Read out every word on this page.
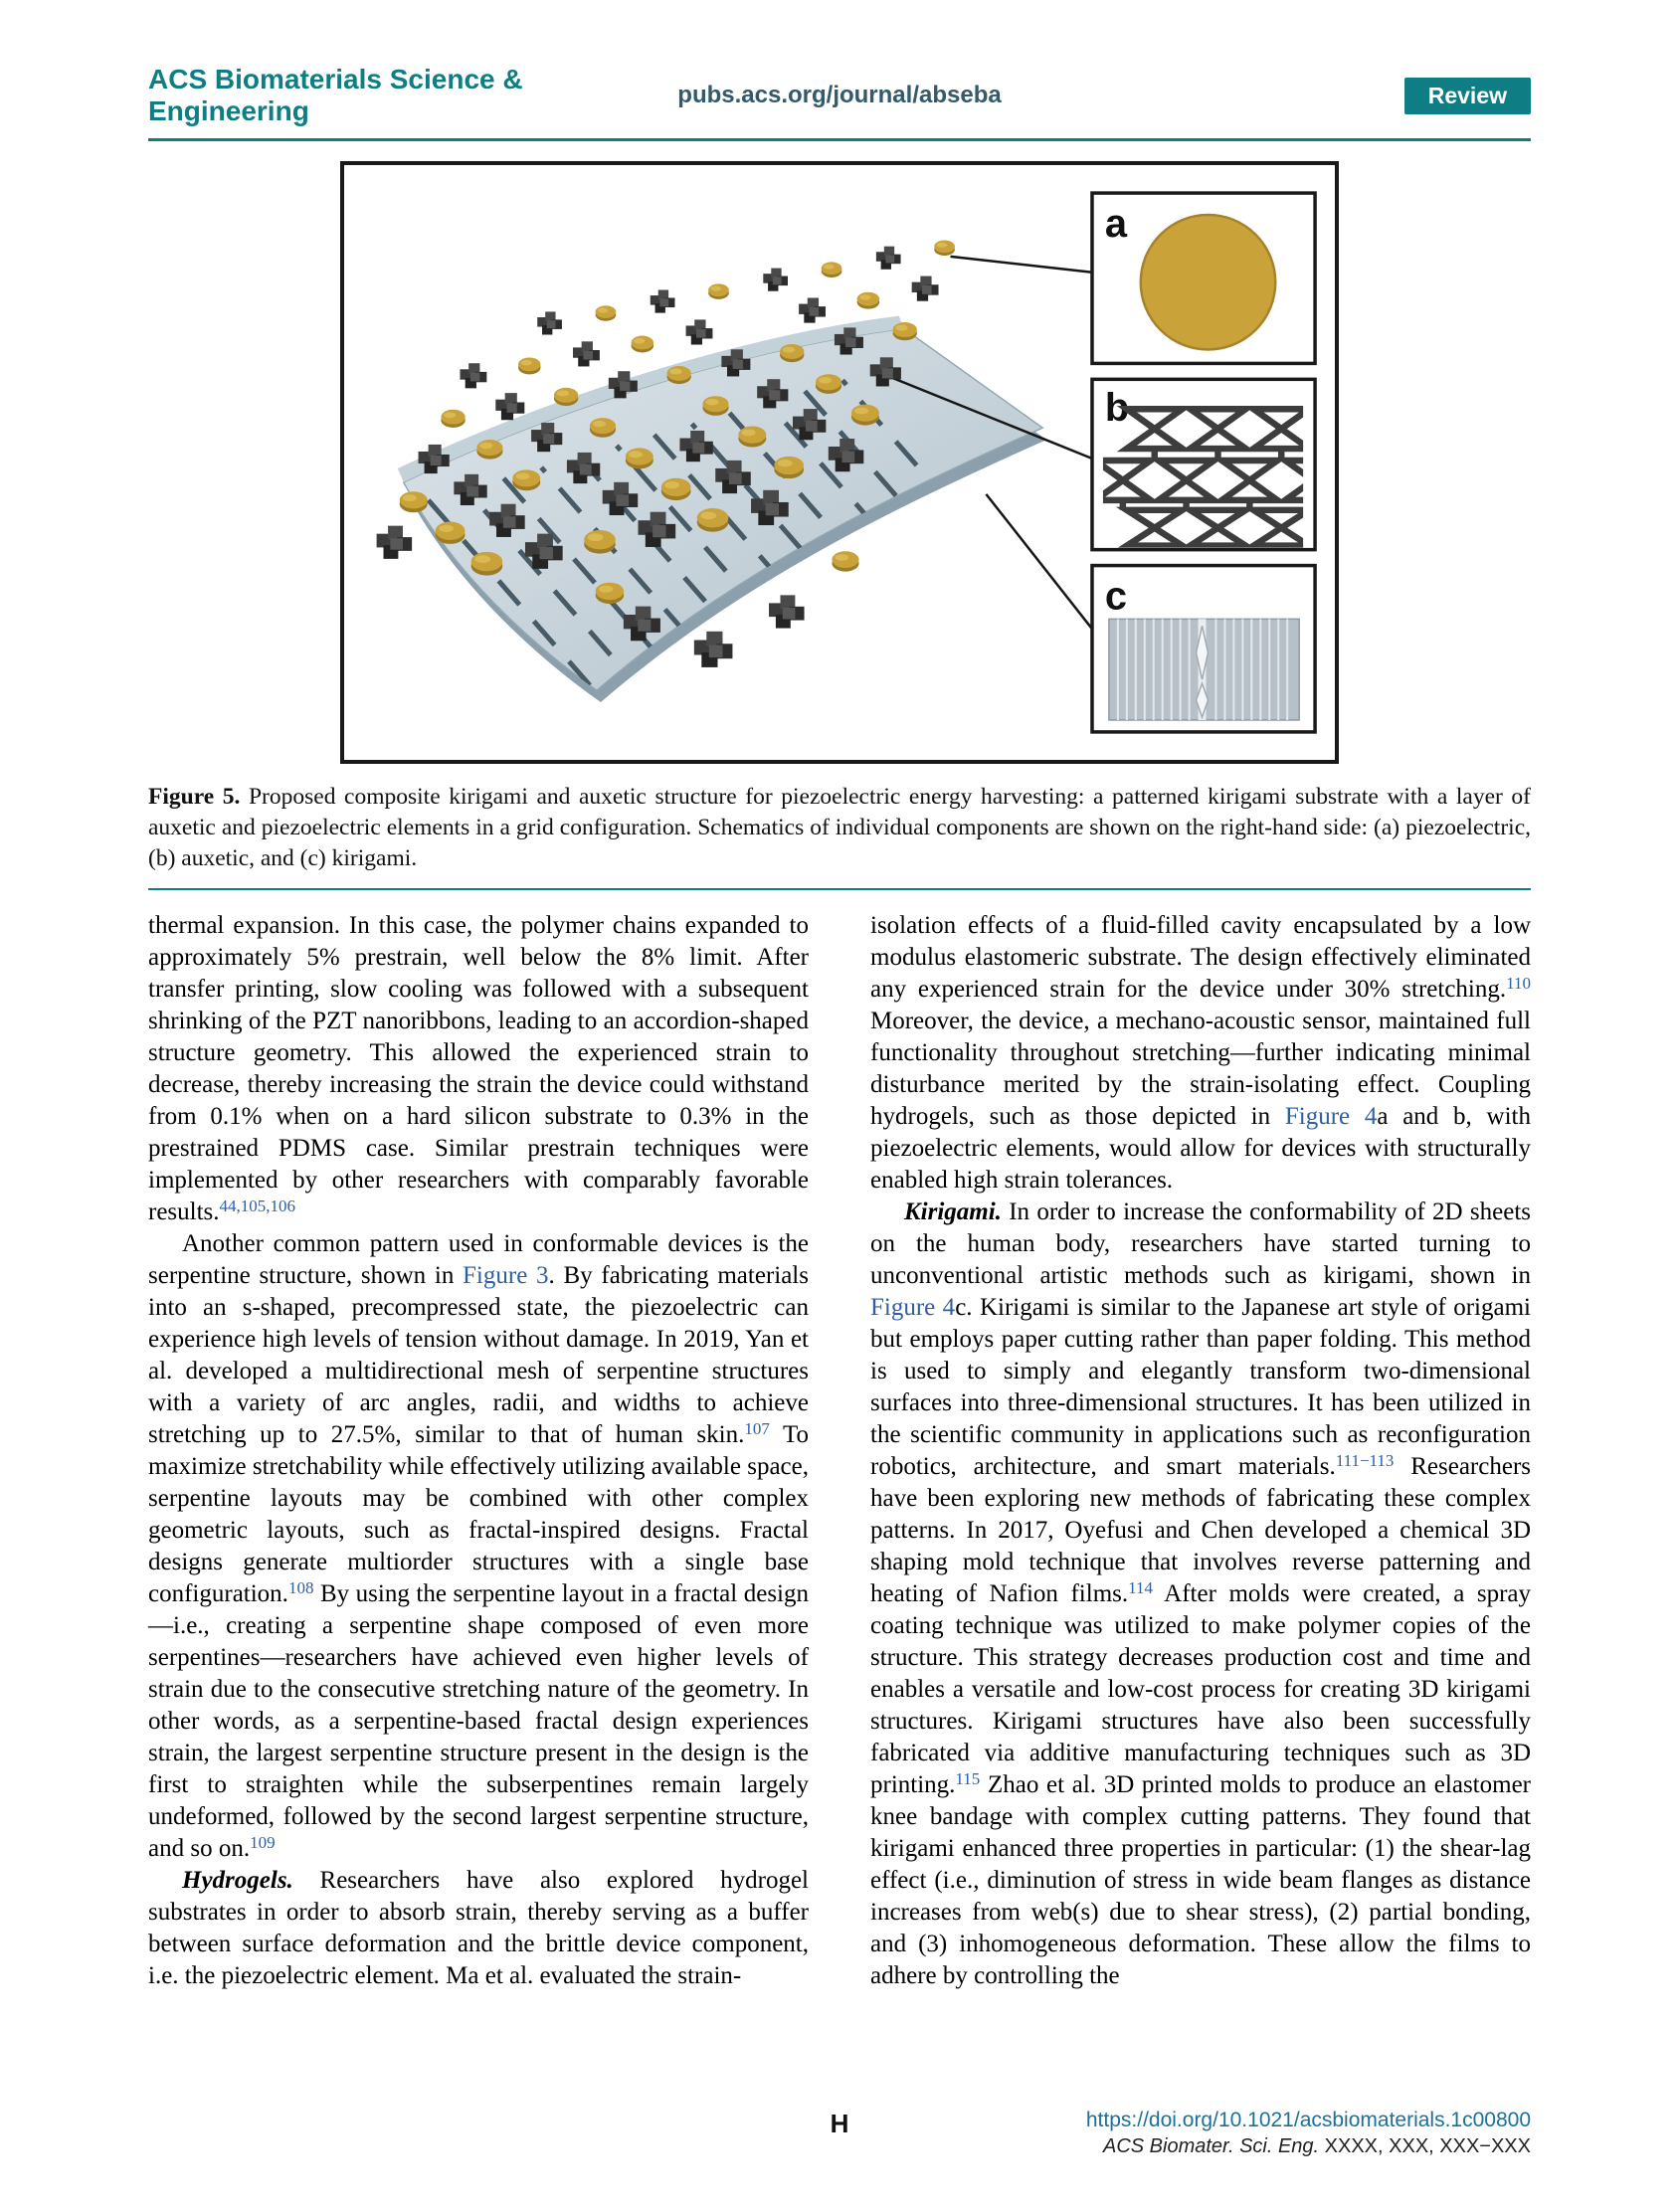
ACS Biomaterials Science & Engineering
pubs.acs.org/journal/abseba	Review
a
b
c

Figure 5. Proposed composite kirigami and auxetic structure for piezoelectric energy harvesting: a patterned kirigami substrate with a layer of auxetic and piezoelectric elements in a grid configuration. Schematics of individual components are shown on the right-hand side: (a) piezoelectric, (b) auxetic, and (c) kirigami.

thermal expansion. In this case, the polymer chains expanded to approximately 5% prestrain, well below the 8% limit. After transfer printing, slow cooling was followed with a subsequent shrinking of the PZT nanoribbons, leading to an accordion-shaped structure geometry. This allowed the experienced strain to decrease, thereby increasing the strain the device could withstand from 0.1% when on a hard silicon substrate to 0.3% in the prestrained PDMS case. Similar prestrain techniques were implemented by other researchers with comparably favorable results.$^{44,105,106}$

Another common pattern used in conformable devices is the serpentine structure, shown in Figure 3. By fabricating materials into an s-shaped, precompressed state, the piezoelectric can experience high levels of tension without damage. In 2019, Yan et al. developed a multidirectional mesh of serpentine structures with a variety of arc angles, radii, and widths to achieve stretching up to 27.5%, similar to that of human skin.$^{107}$ To maximize stretchability while effectively utilizing available space, serpentine layouts may be combined with other complex geometric layouts, such as fractal-inspired designs. Fractal designs generate multiorder structures with a single base configuration.$^{108}$ By using the serpentine layout in a fractal design—i.e., creating a serpentine shape composed of even more serpentines—researchers have achieved even higher levels of strain due to the consecutive stretching nature of the geometry. In other words, as a serpentine-based fractal design experiences strain, the largest serpentine structure present in the design is the first to straighten while the subserpentines remain largely undeformed, followed by the second largest serpentine structure, and so on.$^{109}$

Hydrogels. Researchers have also explored hydrogel substrates in order to absorb strain, thereby serving as a buffer between surface deformation and the brittle device component, i.e. the piezoelectric element. Ma et al. evaluated the strain-

isolation effects of a fluid-filled cavity encapsulated by a low modulus elastomeric substrate. The design effectively eliminated any experienced strain for the device under 30% stretching.$^{110}$ Moreover, the device, a mechano-acoustic sensor, maintained full functionality throughout stretching—further indicating minimal disturbance merited by the strain-isolating effect. Coupling hydrogels, such as those depicted in Figure 4a and b, with piezoelectric elements, would allow for devices with structurally enabled high strain tolerances.

Kirigami. In order to increase the conformability of 2D sheets on the human body, researchers have started turning to unconventional artistic methods such as kirigami, shown in Figure 4c. Kirigami is similar to the Japanese art style of origami but employs paper cutting rather than paper folding. This method is used to simply and elegantly transform two-dimensional surfaces into three-dimensional structures. It has been utilized in the scientific community in applications such as reconfiguration robotics, architecture, and smart materials.$^{111-113}$ Researchers have been exploring new methods of fabricating these complex patterns. In 2017, Oyefusi and Chen developed a chemical 3D shaping mold technique that involves reverse patterning and heating of Nafion films.$^{114}$ After molds were created, a spray coating technique was utilized to make polymer copies of the structure. This strategy decreases production cost and time and enables a versatile and low-cost process for creating 3D kirigami structures. Kirigami structures have also been successfully fabricated via additive manufacturing techniques such as 3D printing.$^{115}$ Zhao et al. 3D printed molds to produce an elastomer knee bandage with complex cutting patterns. They found that kirigami enhanced three properties in particular: (1) the shear-lag effect (i.e., diminution of stress in wide beam flanges as distance increases from web(s) due to shear stress), (2) partial bonding, and (3) inhomogeneous deformation. These allow the films to adhere by controlling the

H	https://doi.org/10.1021/acsbiomaterials.1c00800
ACS Biomater. Sci. Eng. XXXX, XXX, XXX−XXX
